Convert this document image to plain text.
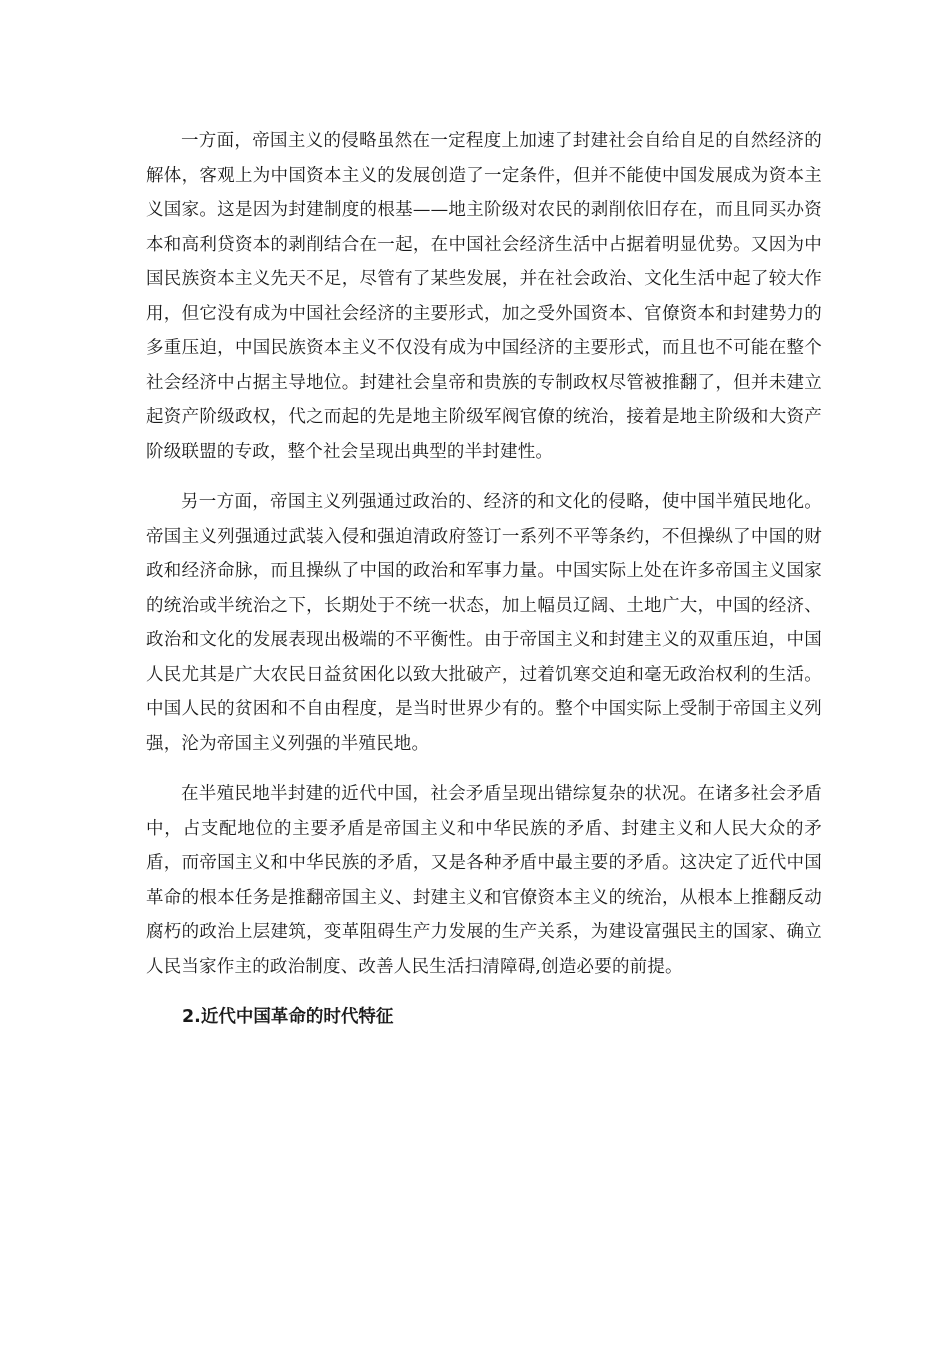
一方面，帝国主义的侵略虽然在一定程度上加速了封建社会自给自足的自然经济的解体，客观上为中国资本主义的发展创造了一定条件，但并不能使中国发展成为资本主义国家。这是因为封建制度的根基——地主阶级对农民的剥削依旧存在，而且同买办资本和高利贷资本的剥削结合在一起，在中国社会经济生活中占据着明显优势。又因为中国民族资本主义先天不足，尽管有了某些发展，并在社会政治、文化生活中起了较大作用，但它没有成为中国社会经济的主要形式，加之受外国资本、官僚资本和封建势力的多重压迫，中国民族资本主义不仅没有成为中国经济的主要形式，而且也不可能在整个社会经济中占据主导地位。封建社会皇帝和贵族的专制政权尽管被推翻了，但并未建立起资产阶级政权，代之而起的先是地主阶级军阀官僚的统治，接着是地主阶级和大资产阶级联盟的专政，整个社会呈现出典型的半封建性。

另一方面，帝国主义列强通过政治的、经济的和文化的侵略，使中国半殖民地化。帝国主义列强通过武装入侵和强迫清政府签订一系列不平等条约，不但操纵了中国的财政和经济命脉，而且操纵了中国的政治和军事力量。中国实际上处在许多帝国主义国家的统治或半统治之下，长期处于不统一状态，加上幅员辽阔、土地广大，中国的经济、政治和文化的发展表现出极端的不平衡性。由于帝国主义和封建主义的双重压迫，中国人民尤其是广大农民日益贫困化以致大批破产，过着饥寒交迫和毫无政治权利的生活。中国人民的贫困和不自由程度，是当时世界少有的。整个中国实际上受制于帝国主义列强，沦为帝国主义列强的半殖民地。

在半殖民地半封建的近代中国，社会矛盾呈现出错综复杂的状况。在诸多社会矛盾中，占支配地位的主要矛盾是帝国主义和中华民族的矛盾、封建主义和人民大众的矛盾，而帝国主义和中华民族的矛盾，又是各种矛盾中最主要的矛盾。这决定了近代中国革命的根本任务是推翻帝国主义、封建主义和官僚资本主义的统治，从根本上推翻反动腐朽的政治上层建筑，变革阻碍生产力发展的生产关系，为建设富强民主的国家、确立人民当家作主的政治制度、改善人民生活扫清障碍,创造必要的前提。

2.近代中国革命的时代特征
